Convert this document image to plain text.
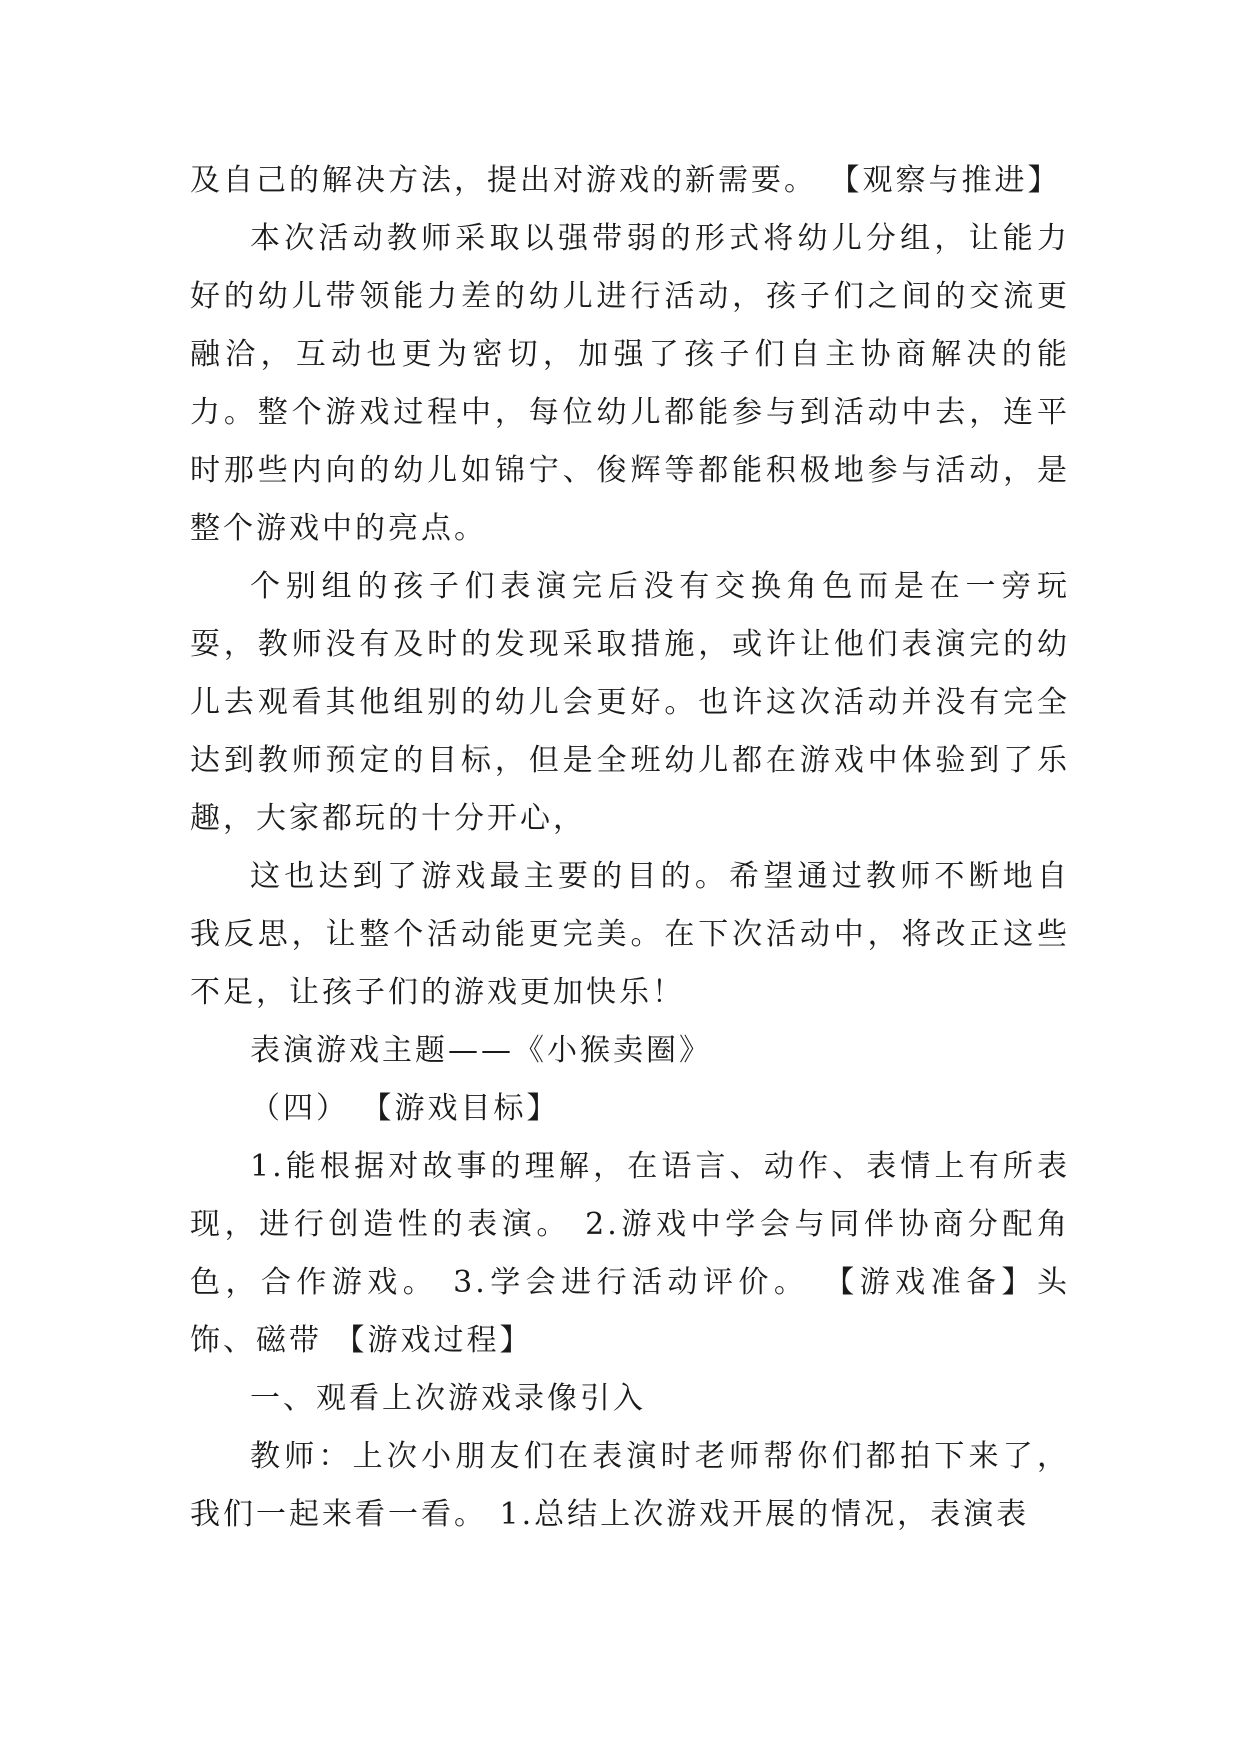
及自己的解决方法，提出对游戏的新需要。 【观察与推进】

本次活动教师采取以强带弱的形式将幼儿分组，让能力好的幼儿带领能力差的幼儿进行活动，孩子们之间的交流更融洽，互动也更为密切，加强了孩子们自主协商解决的能力。整个游戏过程中，每位幼儿都能参与到活动中去，连平时那些内向的幼儿如锦宁、俊辉等都能积极地参与活动，是整个游戏中的亮点。

个别组的孩子们表演完后没有交换角色而是在一旁玩耍，教师没有及时的发现采取措施，或许让他们表演完的幼儿去观看其他组别的幼儿会更好。也许这次活动并没有完全达到教师预定的目标，但是全班幼儿都在游戏中体验到了乐趣，大家都玩的十分开心，

这也达到了游戏最主要的目的。希望通过教师不断地自我反思，让整个活动能更完美。在下次活动中，将改正这些不足，让孩子们的游戏更加快乐！

表演游戏主题——《小猴卖圈》

（四） 【游戏目标】

1.能根据对故事的理解，在语言、动作、表情上有所表现，进行创造性的表演。 2.游戏中学会与同伴协商分配角色，合作游戏。 3.学会进行活动评价。 【游戏准备】头饰、磁带 【游戏过程】

一、观看上次游戏录像引入

教师：上次小朋友们在表演时老师帮你们都拍下来了，我们一起来看一看。 1.总结上次游戏开展的情况，表演表
